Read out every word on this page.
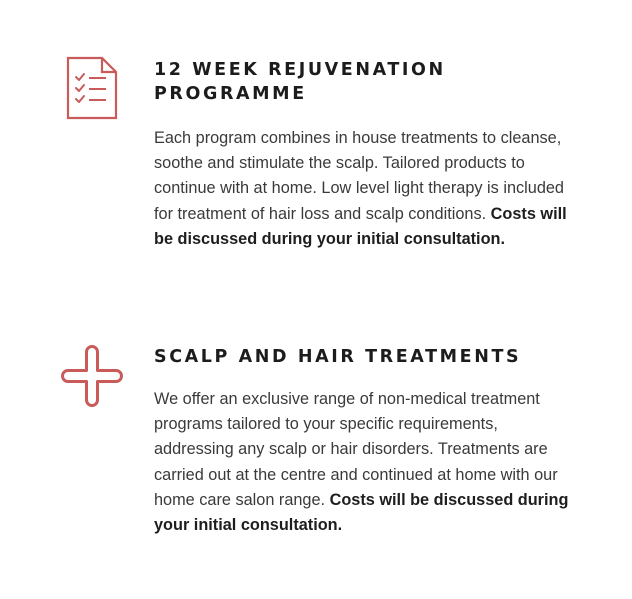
12 WEEK REJUVENATION PROGRAMME

Each program combines in house treatments to cleanse, soothe and stimulate the scalp. Tailored products to continue with at home. Low level light therapy is included for treatment of hair loss and scalp conditions. Costs will be discussed during your initial consultation.

SCALP AND HAIR TREATMENTS

We offer an exclusive range of non-medical treatment programs tailored to your specific requirements, addressing any scalp or hair disorders. Treatments are carried out at the centre and continued at home with our home care salon range. Costs will be discussed during your initial consultation.
